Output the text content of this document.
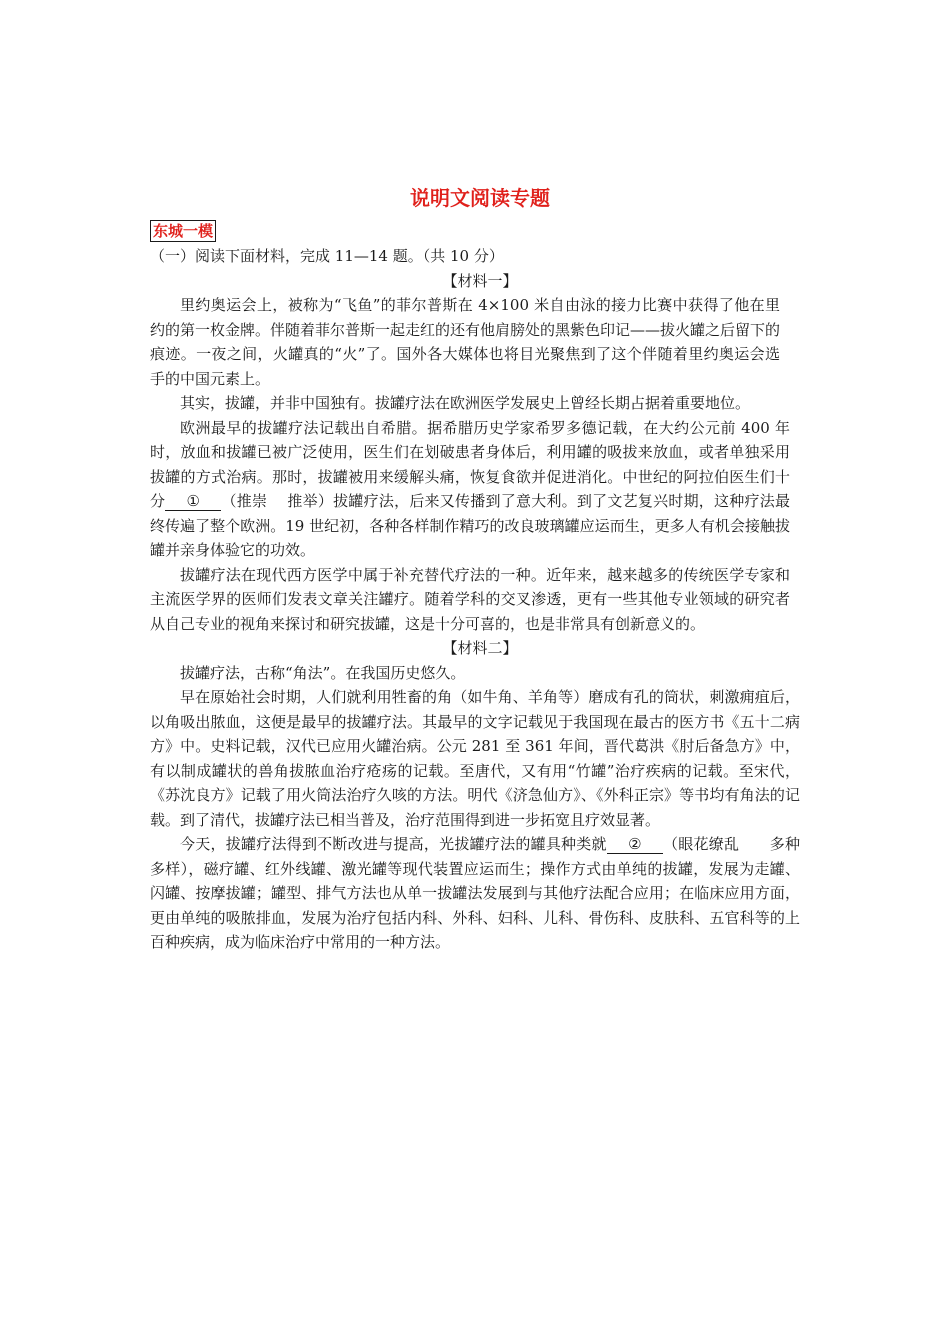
说明文阅读专题
东城一模
（一）阅读下面材料，完成 11—14 题。（共 10 分）
【材料一】

里约奥运会上，被称为“飞鱼”的菲尔普斯在 4×100 米自由泳的接力比赛中获得了他在里约的第一枚金牌。伴随着菲尔普斯一起走红的还有他肩膀处的黑紫色印记——拔火罐之后留下的痕迹。一夜之间，火罐真的“火”了。国外各大媒体也将目光聚焦到了这个伴随着里约奥运会选手的中国元素上。

其实，拔罐，并非中国独有。拔罐疗法在欧洲医学发展史上曾经长期占据着重要地位。

欧洲最早的拔罐疗法记载出自希腊。据希腊历史学家希罗多德记载，在大约公元前 400 年时，放血和拔罐已被广泛使用，医生们在划破患者身体后，利用罐的吸拔来放血，或者单独采用拔罐的方式治病。那时，拔罐被用来缓解头痛，恢复食欲并促进消化。中世纪的阿拉伯医生们十分 ① （推崇　 推举）拔罐疗法，后来又传播到了意大利。到了文艺复兴时期，这种疗法最终传遍了整个欧洲。19 世纪初，各种各样制作精巧的改良玻璃罐应运而生，更多人有机会接触拔罐并亲身体验它的功效。

拔罐疗法在现代西方医学中属于补充替代疗法的一种。近年来，越来越多的传统医学专家和主流医学界的医师们发表文章关注罐疗。随着学科的交叉渗透，更有一些其他专业领域的研究者从自己专业的视角来探讨和研究拔罐，这是十分可喜的，也是非常具有创新意义的。

【材料二】

拔罐疗法，古称“角法”。在我国历史悠久。

早在原始社会时期，人们就利用牲畜的角（如牛角、羊角等）磨成有孔的筒状，刺激痈疽后，以角吸出脓血，这便是最早的拔罐疗法。其最早的文字记载见于我国现在最古的医方书《五十二病方》中。史料记载，汉代已应用火罐治病。公元 281 至 361 年间，晋代葛洪《肘后备急方》中，有以制成罐状的兽角拔脓血治疗疮疡的记载。至唐代，又有用“竹罐”治疗疾病的记载。至宋代，《苏沈良方》记载了用火筒法治疗久咳的方法。明代《济急仙方》、《外科正宗》等书均有角法的记载。到了清代，拔罐疗法已相当普及，治疗范围得到进一步拓宽且疗效显著。

今天，拔罐疗法得到不断改进与提高，光拔罐疗法的罐具种类就 ② （眼花缭乱　　多种多样），磁疗罐、红外线罐、激光罐等现代装置应运而生；操作方式由单纯的拔罐，发展为走罐、闪罐、按摩拔罐；罐型、排气方法也从单一拔罐法发展到与其他疗法配合应用；在临床应用方面，更由单纯的吸脓排血，发展为治疗包括内科、外科、妇科、儿科、骨伤科、皮肤科、五官科等的上百种疾病，成为临床治疗中常用的一种方法。
